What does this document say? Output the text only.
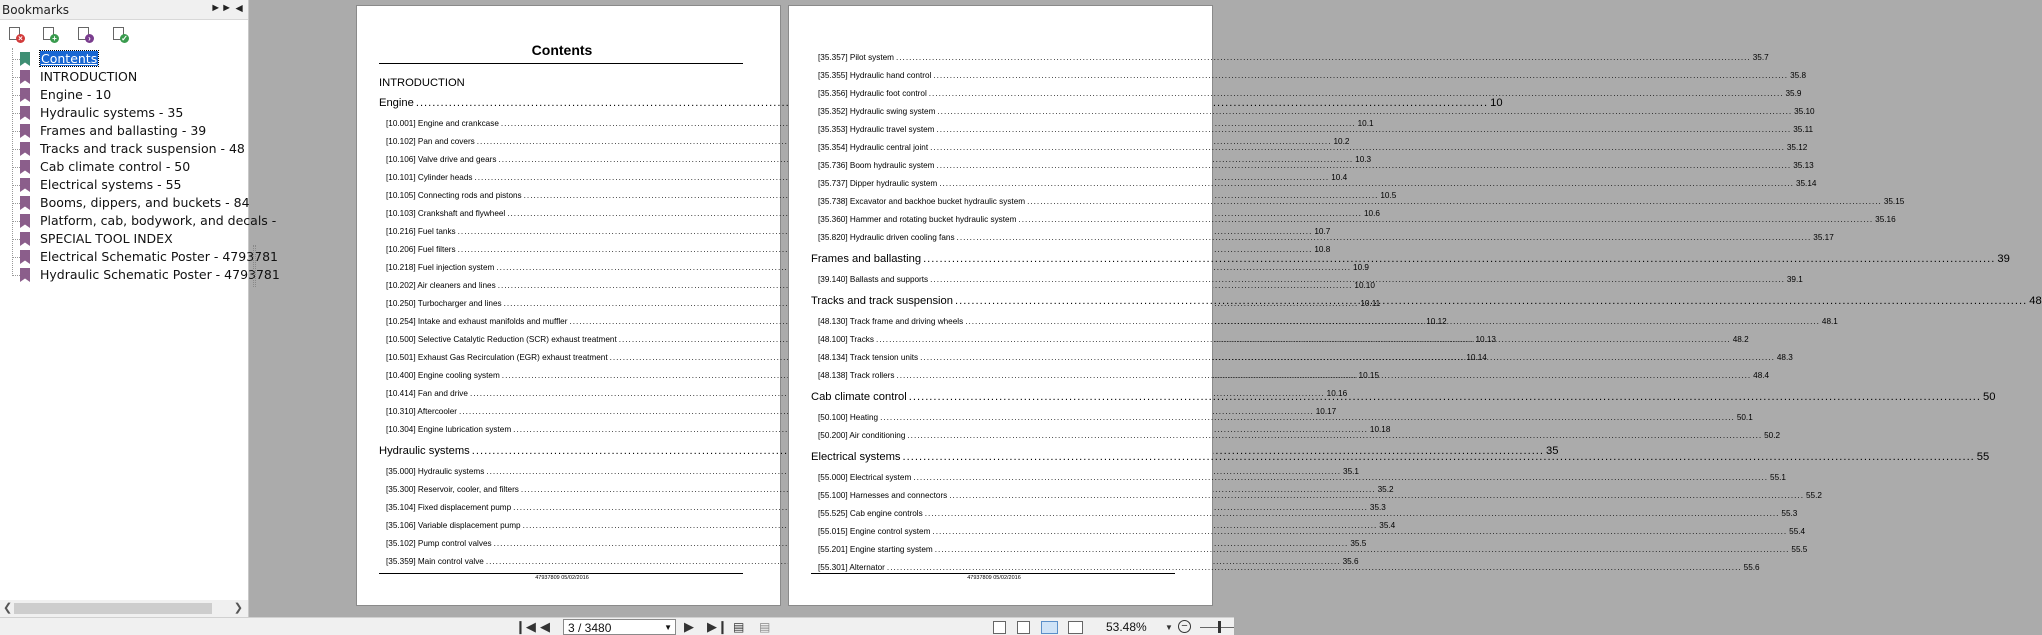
Bookmarks	►► ◄
×	+	›	✓
Contents
INTRODUCTION
Engine - 10
Hydraulic systems - 35
Frames and ballasting - 39
Tracks and track suspension - 48
Cab climate control - 50
Electrical systems - 55
Booms, dippers, and buckets - 84
Platform, cab, bodywork, and decals -
SPECIAL TOOL INDEX
Electrical Schematic Poster - 4793781
Hydraulic Schematic Poster - 4793781
❮	❯
Contents
INTRODUCTION
Engine .....	10
[10.001] Engine and crankcase .....	10.1
[10.102] Pan and covers .....	10.2
[10.106] Valve drive and gears .....	10.3
[10.101] Cylinder heads .....	10.4
[10.105] Connecting rods and pistons .....	10.5
[10.103] Crankshaft and flywheel .....	10.6
[10.216] Fuel tanks .....	10.7
[10.206] Fuel filters .....	10.8
[10.218] Fuel injection system .....	10.9
[10.202] Air cleaners and lines .....	10.10
[10.250] Turbocharger and lines .....	10.11
[10.254] Intake and exhaust manifolds and muffler .....	10.12
[10.500] Selective Catalytic Reduction (SCR) exhaust treatment .....	10.13
[10.501] Exhaust Gas Recirculation (EGR) exhaust treatment .....	10.14
[10.400] Engine cooling system .....	10.15
[10.414] Fan and drive .....	10.16
[10.310] Aftercooler .....	10.17
[10.304] Engine lubrication system .....	10.18
Hydraulic systems .....	35
[35.000] Hydraulic systems .....	35.1
[35.300] Reservoir, cooler, and filters .....	35.2
[35.104] Fixed displacement pump .....	35.3
[35.106] Variable displacement pump .....	35.4
[35.102] Pump control valves .....	35.5
[35.359] Main control valve .....	35.6
47937809 05/02/2016
[35.357] Pilot system .....	35.7
[35.355] Hydraulic hand control .....	35.8
[35.356] Hydraulic foot control .....	35.9
[35.352] Hydraulic swing system .....	35.10
[35.353] Hydraulic travel system .....	35.11
[35.354] Hydraulic central joint .....	35.12
[35.736] Boom hydraulic system .....	35.13
[35.737] Dipper hydraulic system .....	35.14
[35.738] Excavator and backhoe bucket hydraulic system .....	35.15
[35.360] Hammer and rotating bucket hydraulic system .....	35.16
[35.820] Hydraulic driven cooling fans .....	35.17
Frames and ballasting .....	39
[39.140] Ballasts and supports .....	39.1
Tracks and track suspension .....	48
[48.130] Track frame and driving wheels .....	48.1
[48.100] Tracks .....	48.2
[48.134] Track tension units .....	48.3
[48.138] Track rollers .....	48.4
Cab climate control .....	50
[50.100] Heating .....	50.1
[50.200] Air conditioning .....	50.2
Electrical systems .....	55
[55.000] Electrical system .....	55.1
[55.100] Harnesses and connectors .....	55.2
[55.525] Cab engine controls .....	55.3
[55.015] Engine control system .....	55.4
[55.201] Engine starting system .....	55.5
[55.301] Alternator .....	55.6
47937809 05/02/2016
❙◀ ◀ 3 / 3480	▼ ▶ ▶❙ ▤ ▤	53.48% ▼ −
